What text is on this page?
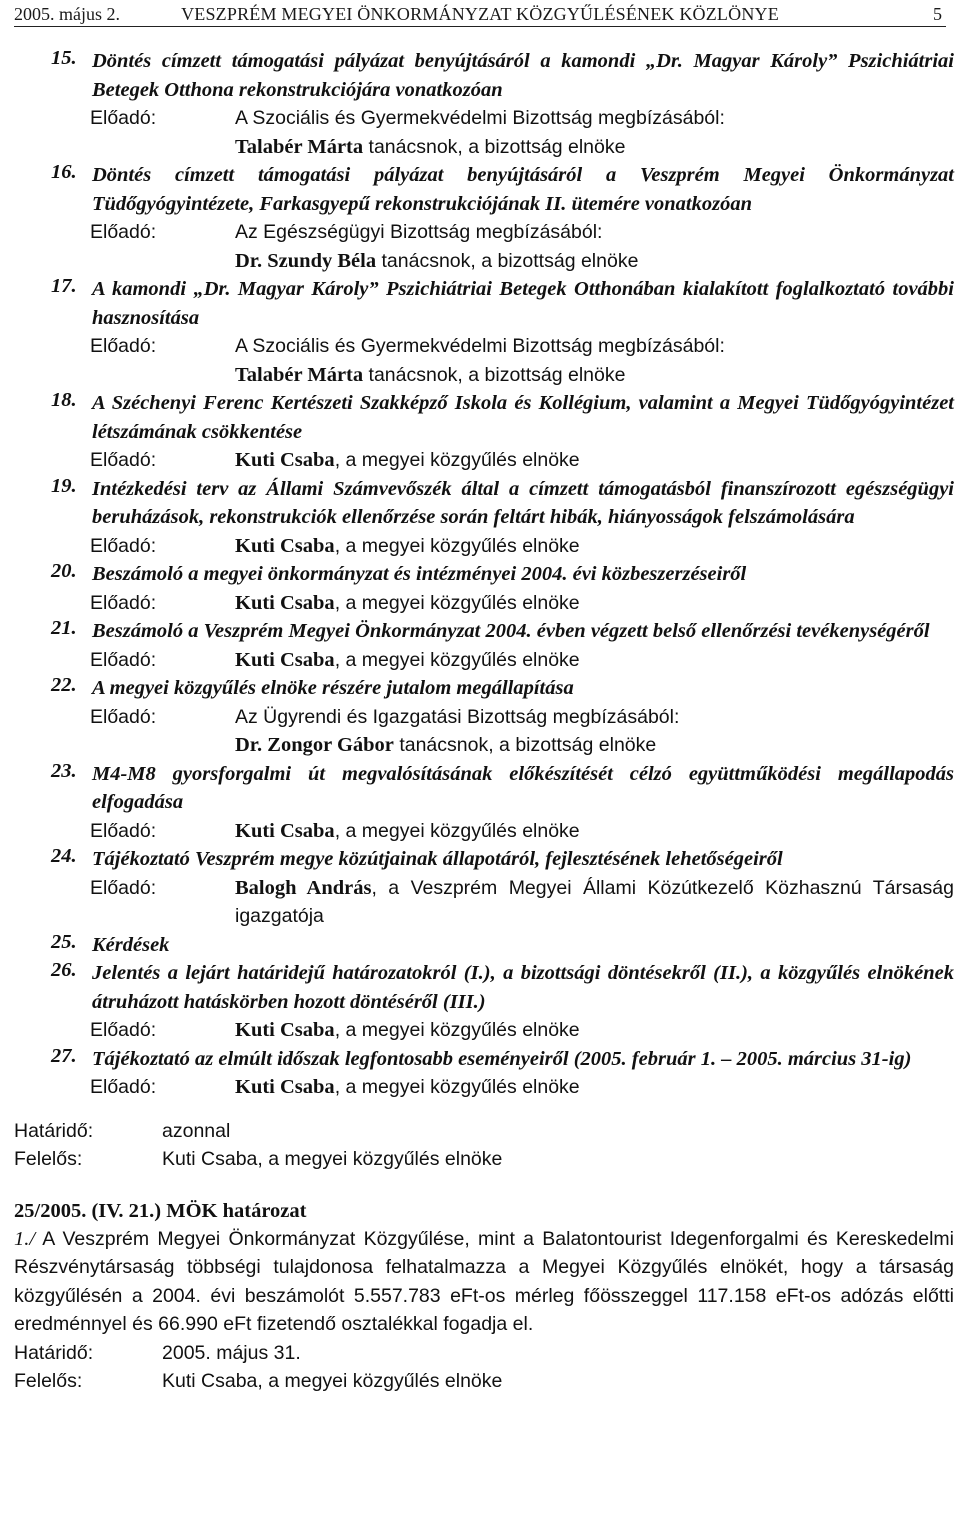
2005. május 2.	VESZPRÉM MEGYEI ÖNKORMÁNYZAT KÖZGYŰLÉSÉNEK KÖZLÖNYE	5
15. Döntés címzett támogatási pályázat benyújtásáról a kamondi „Dr. Magyar Károly” Pszichiátriai Betegek Otthona rekonstrukciójára vonatkozóan

Előadó:	A Szociális és Gyermekvédelmi Bizottság megbízásából:
Talabér Márta tanácsnok, a bizottság elnöke
16. Döntés címzett támogatási pályázat benyújtásáról a Veszprém Megyei Önkormányzat Tüdőgyógyintézete, Farkasgyepű rekonstrukciójának II. ütemére vonatkozóan

Előadó:	Az Egészségügyi Bizottság megbízásából:
Dr. Szundy Béla tanácsnok, a bizottság elnöke
17. A kamondi „Dr. Magyar Károly” Pszichiátriai Betegek Otthonában kialakított foglalkoztató további hasznosítása

Előadó:	A Szociális és Gyermekvédelmi Bizottság megbízásából:
Talabér Márta tanácsnok, a bizottság elnöke
18. A Széchenyi Ferenc Kertészeti Szakképző Iskola és Kollégium, valamint a Megyei Tüdőgyógyintézet létszámának csökkentése

Előadó:	Kuti Csaba, a megyei közgyűlés elnöke
19. Intézkedési terv az Állami Számvevőszék által a címzett támogatásból finanszírozott egészségügyi beruházások, rekonstrukciók ellenőrzése során feltárt hibák, hiányosságok felszámolására

Előadó:	Kuti Csaba, a megyei közgyűlés elnöke
20. Beszámoló a megyei önkormányzat és intézményei 2004. évi közbeszerzéseiről

Előadó:	Kuti Csaba, a megyei közgyűlés elnöke
21. Beszámoló a Veszprém Megyei Önkormányzat 2004. évben végzett belső ellenőrzési tevékenységéről

Előadó:	Kuti Csaba, a megyei közgyűlés elnöke
22. A megyei közgyűlés elnöke részére jutalom megállapítása

Előadó:	Az Ügyrendi és Igazgatási Bizottság megbízásából:
Dr. Zongor Gábor tanácsnok, a bizottság elnöke
23. M4-M8 gyorsforgalmi út megvalósításának előkészítését célzó együttműködési megállapodás elfogadása

Előadó:	Kuti Csaba, a megyei közgyűlés elnöke
24. Tájékoztató Veszprém megye közútjainak állapotáról, fejlesztésének lehetőségeiről

Előadó:	Balogh András, a Veszprém Megyei Állami Közútkezelő Közhasznú Társaság igazgatója
25. Kérdések

26. Jelentés a lejárt határidejű határozatokról (I.), a bizottsági döntésekről (II.), a közgyűlés elnökének átruházott hatáskörben hozott döntéséről (III.)

Előadó:	Kuti Csaba, a megyei közgyűlés elnöke
27. Tájékoztató az elmúlt időszak legfontosabb eseményeiről (2005. február 1. – 2005. március 31-ig)

Előadó:	Kuti Csaba, a megyei közgyűlés elnöke
Határidő:	azonnal
Felelős:	Kuti Csaba, a megyei közgyűlés elnöke
25/2005. (IV. 21.) MÖK határozat
1./ A Veszprém Megyei Önkormányzat Közgyűlése, mint a Balatontourist Idegenforgalmi és Kereskedelmi Részvénytársaság többségi tulajdonosa felhatalmazza a Megyei Közgyűlés elnökét, hogy a társaság közgyűlésén a 2004. évi beszámolót 5.557.783 eFt-os mérleg főösszeggel 117.158 eFt-os adózás előtti eredménnyel és 66.990 eFt fizetendő osztalékkal fogadja el.
Határidő:	2005. május 31.
Felelős:	Kuti Csaba, a megyei közgyűlés elnöke
